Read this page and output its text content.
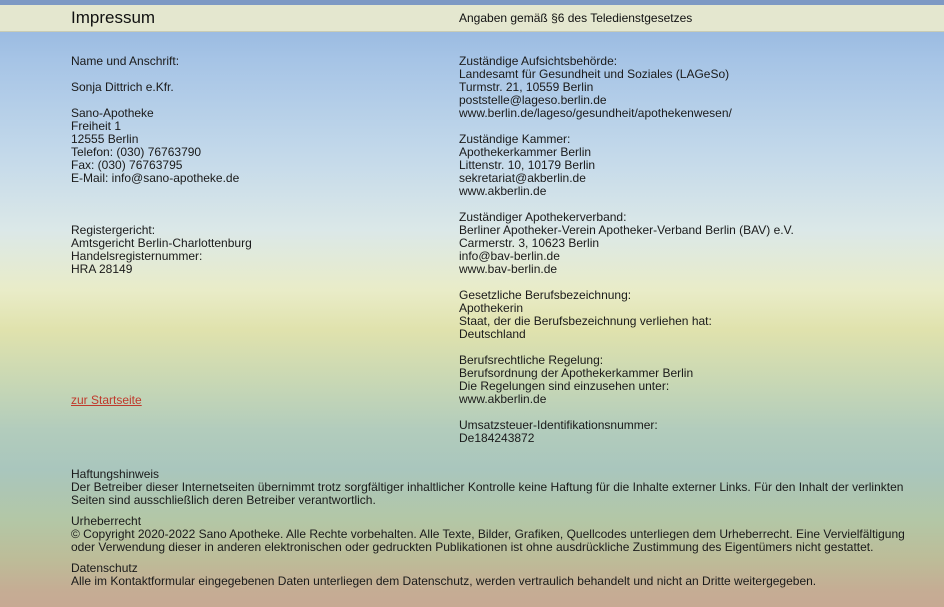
Impressum	Angaben gemäß §6 des Teledienstgesetzes

Name und Anschrift:

Sonja Dittrich e.Kfr.

Sano-Apotheke

Freiheit 1

12555 Berlin

Telefon: (030) 76763790

Fax: (030) 76763795

E-Mail: info@sano-apotheke.de

Registergericht:

Amtsgericht Berlin-Charlottenburg

Handelsregisternummer:

HRA 28149

zur Startseite

Zuständige Aufsichtsbehörde:

Landesamt für Gesundheit und Soziales (LAGeSo)

Turmstr. 21, 10559 Berlin

poststelle@lageso.berlin.de

www.berlin.de/lageso/gesundheit/apothekenwesen/

Zuständige Kammer:

Apothekerkammer Berlin

Littenstr. 10, 10179 Berlin

sekretariat@akberlin.de

www.akberlin.de

Zuständiger Apothekerverband:

Berliner Apotheker-Verein Apotheker-Verband Berlin (BAV) e.V.

Carmerstr. 3, 10623 Berlin

info@bav-berlin.de

www.bav-berlin.de

Gesetzliche Berufsbezeichnung:

Apothekerin

Staat, der die Berufsbezeichnung verliehen hat:

Deutschland

Berufsrechtliche Regelung:

Berufsordnung der Apothekerkammer Berlin

Die Regelungen sind einzusehen unter:

www.akberlin.de

Umsatzsteuer-Identifikationsnummer:

De184243872

Haftungshinweis

Der Betreiber dieser Internetseiten übernimmt trotz sorgfältiger inhaltlicher Kontrolle keine Haftung für die Inhalte externer Links. Für den Inhalt der verlinkten

Seiten sind ausschließlich deren Betreiber verantwortlich.

Urheberrecht

© Copyright 2020-2022 Sano Apotheke. Alle Rechte vorbehalten. Alle Texte, Bilder, Grafiken, Quellcodes unterliegen dem Urheberrecht. Eine Vervielfältigung

oder Verwendung dieser in anderen elektronischen oder gedruckten Publikationen ist ohne ausdrückliche Zustimmung des Eigentümers nicht gestattet.

Datenschutz

Alle im Kontaktformular eingegebenen Daten unterliegen dem Datenschutz, werden vertraulich behandelt und nicht an Dritte weitergegeben.
